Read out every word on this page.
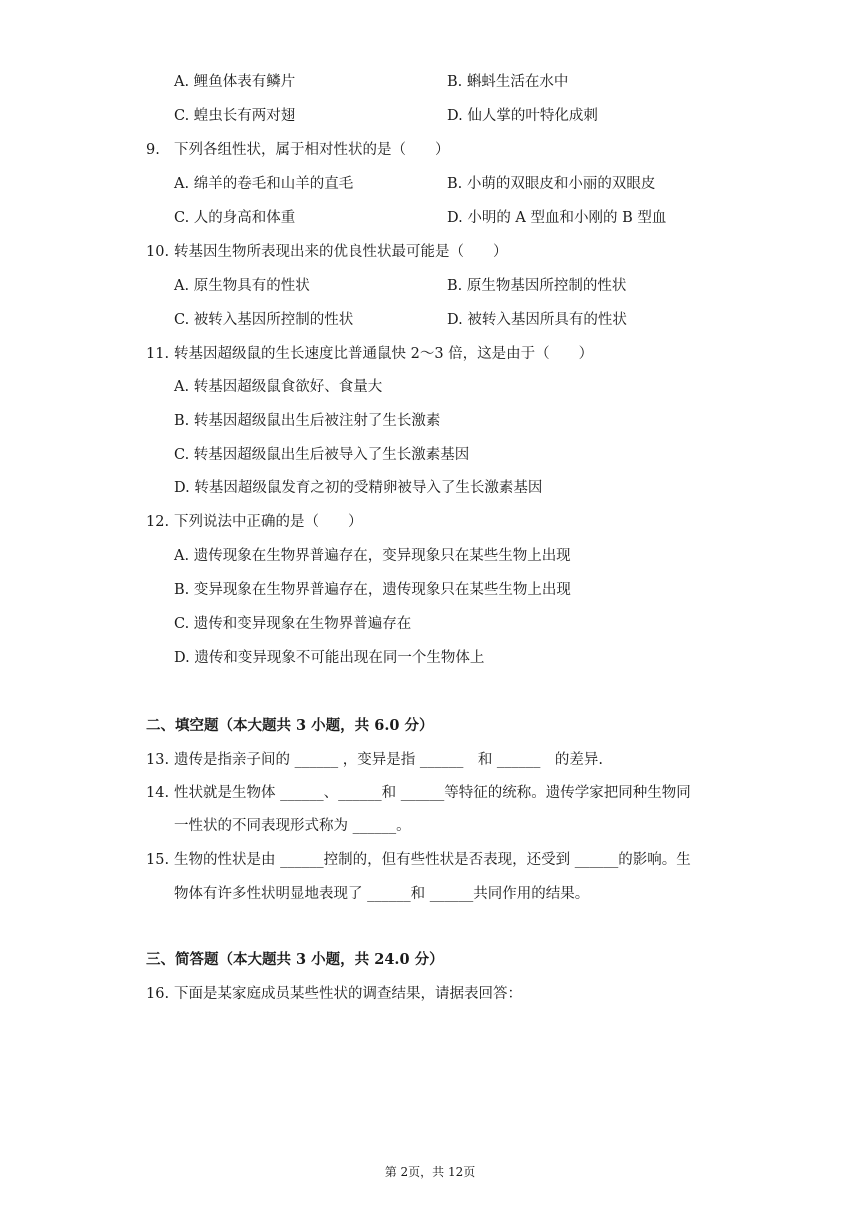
A. 鲤鱼体表有鳞片	B. 蝌蚪生活在水中
C. 蝗虫长有两对翅	D. 仙人掌的叶特化成刺
9. 下列各组性状，属于相对性状的是（　　）
A. 绵羊的卷毛和山羊的直毛	B. 小萌的双眼皮和小丽的双眼皮
C. 人的身高和体重	D. 小明的 A 型血和小刚的 B 型血
10. 转基因生物所表现出来的优良性状最可能是（　　）
A. 原生物具有的性状	B. 原生物基因所控制的性状
C. 被转入基因所控制的性状	D. 被转入基因所具有的性状
11. 转基因超级鼠的生长速度比普通鼠快 2～3 倍，这是由于（　　）
A. 转基因超级鼠食欲好、食量大
B. 转基因超级鼠出生后被注射了生长激素
C. 转基因超级鼠出生后被导入了生长激素基因
D. 转基因超级鼠发育之初的受精卵被导入了生长激素基因
12. 下列说法中正确的是（　　）
A. 遗传现象在生物界普遍存在，变异现象只在某些生物上出现
B. 变异现象在生物界普遍存在，遗传现象只在某些生物上出现
C. 遗传和变异现象在生物界普遍存在
D. 遗传和变异现象不可能出现在同一个生物体上
二、填空题（本大题共 3 小题，共 6.0 分）
13. 遗传是指亲子间的 ______ ，变异是指 ______　和 ______　的差异.
14. 性状就是生物体 ______、______和 ______等特征的统称。遗传学家把同种生物同
一性状的不同表现形式称为 ______。
15. 生物的性状是由 ______控制的，但有些性状是否表现，还受到 ______的影响。生
物体有许多性状明显地表现了 ______和 ______共同作用的结果。
三、简答题（本大题共 3 小题，共 24.0 分）
16. 下面是某家庭成员某些性状的调查结果，请据表回答：
第 2页，共 12页
